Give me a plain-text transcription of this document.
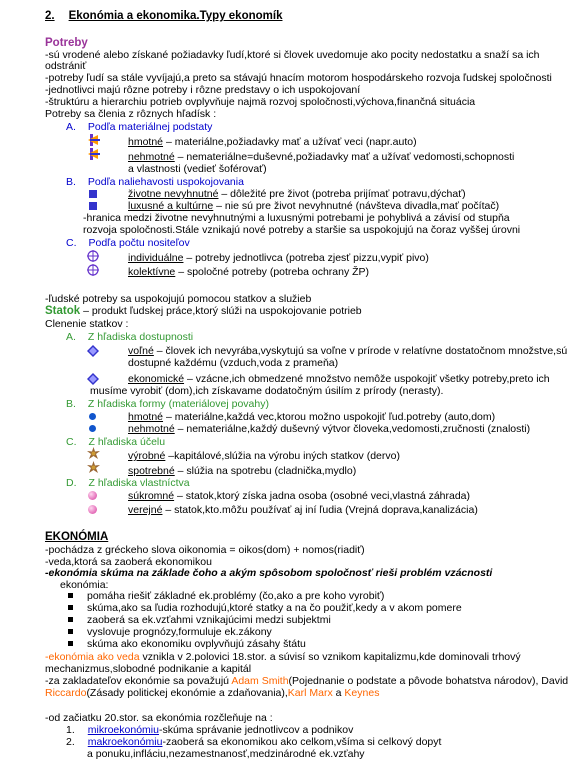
2. Ekonómia a ekonomika.Typy ekonomík
Potreby
-sú vrodené alebo získané požiadavky ľudí,ktoré si človek uvedomuje ako pocity nedostatku a snaží sa ich
odstrániť
-potreby ľudí sa stále vyvíjajú,a preto sa stávajú hnacím motorom hospodárskeho rozvoja ľudskej spoločnosti
-jednotlivci majú rôzne potreby i rôzne predstavy o ich uspokojovaní
-štruktúru a hierarchiu potrieb ovplyvňuje najmä rozvoj spoločnosti,výchova,finančná situácia
Potreby sa členia z rôznych hľadísk :
A. Podľa materiálnej podstaty
hmotné – materiálne,požiadavky mať a užívať veci (napr.auto)
nehmotné – nemateriálne=duševné,požiadavky mať a užívať vedomosti,schopnosti
a vlastnosti (vedieť šoférovať)
B. Podľa naliehavosti uspokojovania
životne nevyhnutné – dôležité pre život (potreba prijímať potravu,dýchať)
luxusné a kultúrne – nie sú pre život nevyhnutné (návšteva divadla,mať počítač)
-hranica medzi životne nevyhnutnými a luxusnými potrebami je pohyblivá a závisí od stupňa
rozvoja spoločnosti.Stále vznikajú nové potreby a staršie sa uspokojujú na čoraz vyššej úrovni
C. Podľa počtu nositeľov
individuálne – potreby jednotlivca (potreba zjesť pizzu,vypiť pivo)
kolektívne – spoločné potreby (potreba ochrany ŽP)
-ľudské potreby sa uspokojujú pomocou statkov a služieb
Statok – produkt ľudskej práce,ktorý slúži na uspokojovanie potrieb
Clenenie statkov :
A. Z hľadiska dostupnosti
voľné – človek ich nevyrába,vyskytujú sa voľne v prírode v relatívne dostatočnom množstve,sú
dostupné každému (vzduch,voda z prameňa)
ekonomické – vzácne,ich obmedzené množstvo nemôže uspokojiť všetky potreby,preto ich
musíme vyrobiť (dom),ich získavame dodatočným úsilím z prírody (nerasty).
B. Z hľadiska formy (materiálovej povahy)
hmotné – materiálne,každá vec,ktorou možno uspokojiť ľud.potreby (auto,dom)
nehmotné – nemateriálne,každý duševný výtvor človeka,vedomosti,zručnosti (znalosti)
C. Z hľadiska účelu
výrobné –kapitálové,slúžia na výrobu iných statkov (dervo)
spotrebné – slúžia na spotrebu (cladnička,mydlo)
D. Z hľadiska vlastníctva
súkromné – statok,ktorý získa jadna osoba (osobné veci,vlastná záhrada)
verejné – statok,kto.môžu používať aj iní ľudia (Vrejná doprava,kanalizácia)
EKONÓMIA
-pochádza z gréckeho slova oikonomia = oikos(dom) + nomos(riadiť)
-veda,ktorá sa zaoberá ekonomikou
-ekonómia skúma na základe čoho a akým spôsobom spoločnosť rieši problém vzácnosti
ekonómia:
pomáha riešiť základné ek.problémy (čo,ako a pre koho vyrobiť)
skúma,ako sa ľudia rozhodujú,ktoré statky a na čo použiť,kedy a v akom pomere
zaoberá sa ek.vzťahmi vznikajúcimi medzi subjektmi
vyslovuje prognózy,formuluje ek.zákony
skúma ako ekonomiku ovplyvňujú zásahy štátu
-ekonómia ako veda vznikla v 2.polovici 18.stor. a súvisí so vznikom kapitalizmu,kde dominovali trhový
mechanizmus,slobodné podnikanie a kapitál
-za zakladateľov ekonómie sa považujú Adam Smith(Pojednanie o podstate a pôvode bohatstva národov), David
Riccardo(Zásady politickej ekonómie a zdaňovania),Karl Marx a Keynes
-od začiatku 20.stor. sa ekonómia rozčleňuje na :
1. mikroekonómiu-skúma správanie jednotlivcov a podnikov
2. makroekonómiu-zaoberá sa ekonomikou ako celkom,všíma si celkový dopyt
a ponuku,infláciu,nezamestnanosť,medzinárodné ek.vzťahy
